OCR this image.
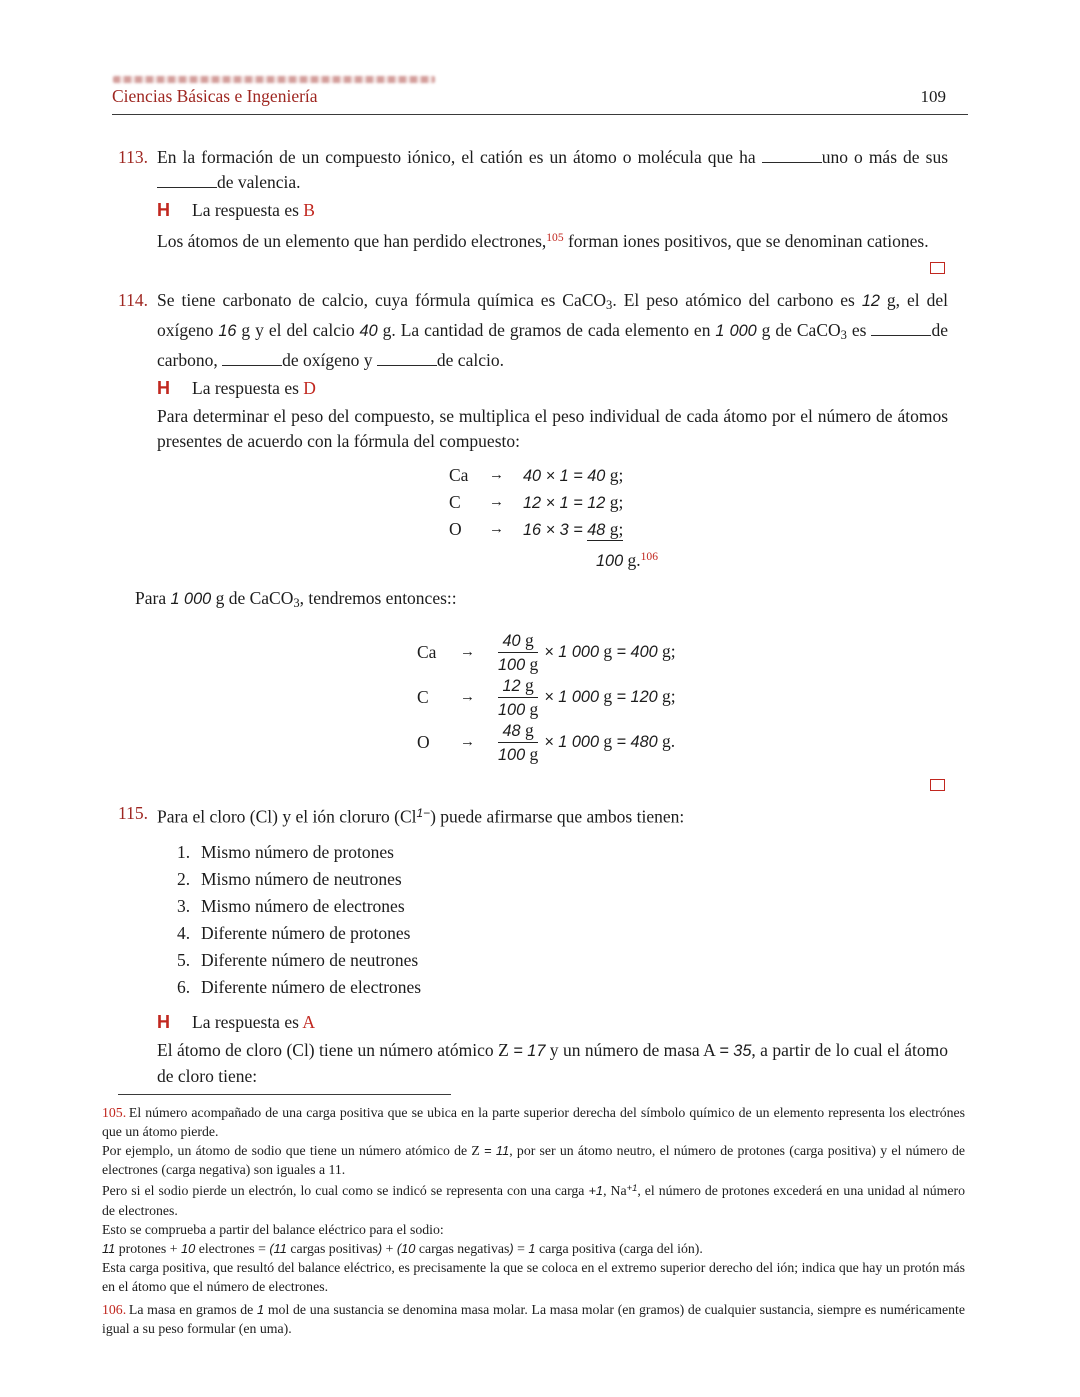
Ciencias Básicas e Ingeniería	109
113. En la formación de un compuesto iónico, el catión es un átomo o molécula que ha	uno o más de sus de valencia.
H	La respuesta es B
Los átomos de un elemento que han perdido electrones,$^{105}$ forman iones positivos, que se denominan cationes.
114. Se tiene carbonato de calcio, cuya fórmula química es CaCO3. El peso atómico del carbono es 12 g, el del oxígeno 16 g y el del calcio 40 g. La cantidad de gramos de cada elemento en 1 000 g de CaCO3 es	de carbono,	de oxígeno y	de calcio.
H	La respuesta es D
Para determinar el peso del compuesto, se multiplica el peso individual de cada átomo por el número de átomos presentes de acuerdo con la fórmula del compuesto:
Ca	→	40 × 1 = 40 g;
C	→	12 × 1 = 12 g;
O	→	16 × 3 = 48 g;
100 g.$^{106}$
Para 1 000 g de CaCO3, tendremos entonces::
Ca	→	$\frac{40 g}{100 g} \times 1$ 000 g = 400 g;
C	→	$\frac{12 g}{100 g} \times 1$ 000 g = 120 g;
O	→	$\frac{48 g}{100 g} \times 1$ 000 g = 480 g.
115. Para el cloro (Cl) y el ión cloruro $(Cl^{1-})$ puede afirmarse que ambos tienen:
1. Mismo número de protones
2. Mismo número de neutrones
3. Mismo número de electrones
4. Diferente número de protones
5. Diferente número de neutrones
6. Diferente número de electrones
H	La respuesta es A
El átomo de cloro (Cl) tiene un número atómico Z = 17 y un número de masa A = 35, a partir de lo cual el átomo de cloro tiene:

105. El número acompañado de una carga positiva que se ubica en la parte superior derecha del símbolo químico de un elemento representa los electrónes que un átomo pierde.

Por ejemplo, un átomo de sodio que tiene un número atómico de Z = 11, por ser un átomo neutro, el número de protones (carga positiva) y el número de electrones (carga negativa) son iguales a 11.

Pero si el sodio pierde un electrón, lo cual como se indicó se representa con una carga +1, $Na^{+1}$, el número de protones excederá en una unidad al número de electrones.

Esto se comprueba a partir del balance eléctrico para el sodio:

11 protones + 10 electrones = (11 cargas positivas) + (10 cargas negativas) = 1 carga positiva (carga del ión).

Esta carga positiva, que resultó del balance eléctrico, es precisamente la que se coloca en el extremo superior derecho del ión; indica que hay un protón más en el átomo que el número de electrones.

106. La masa en gramos de 1 mol de una sustancia se denomina masa molar. La masa molar (en gramos) de cualquier sustancia, siempre es numéricamente igual a su peso formular (en uma).
